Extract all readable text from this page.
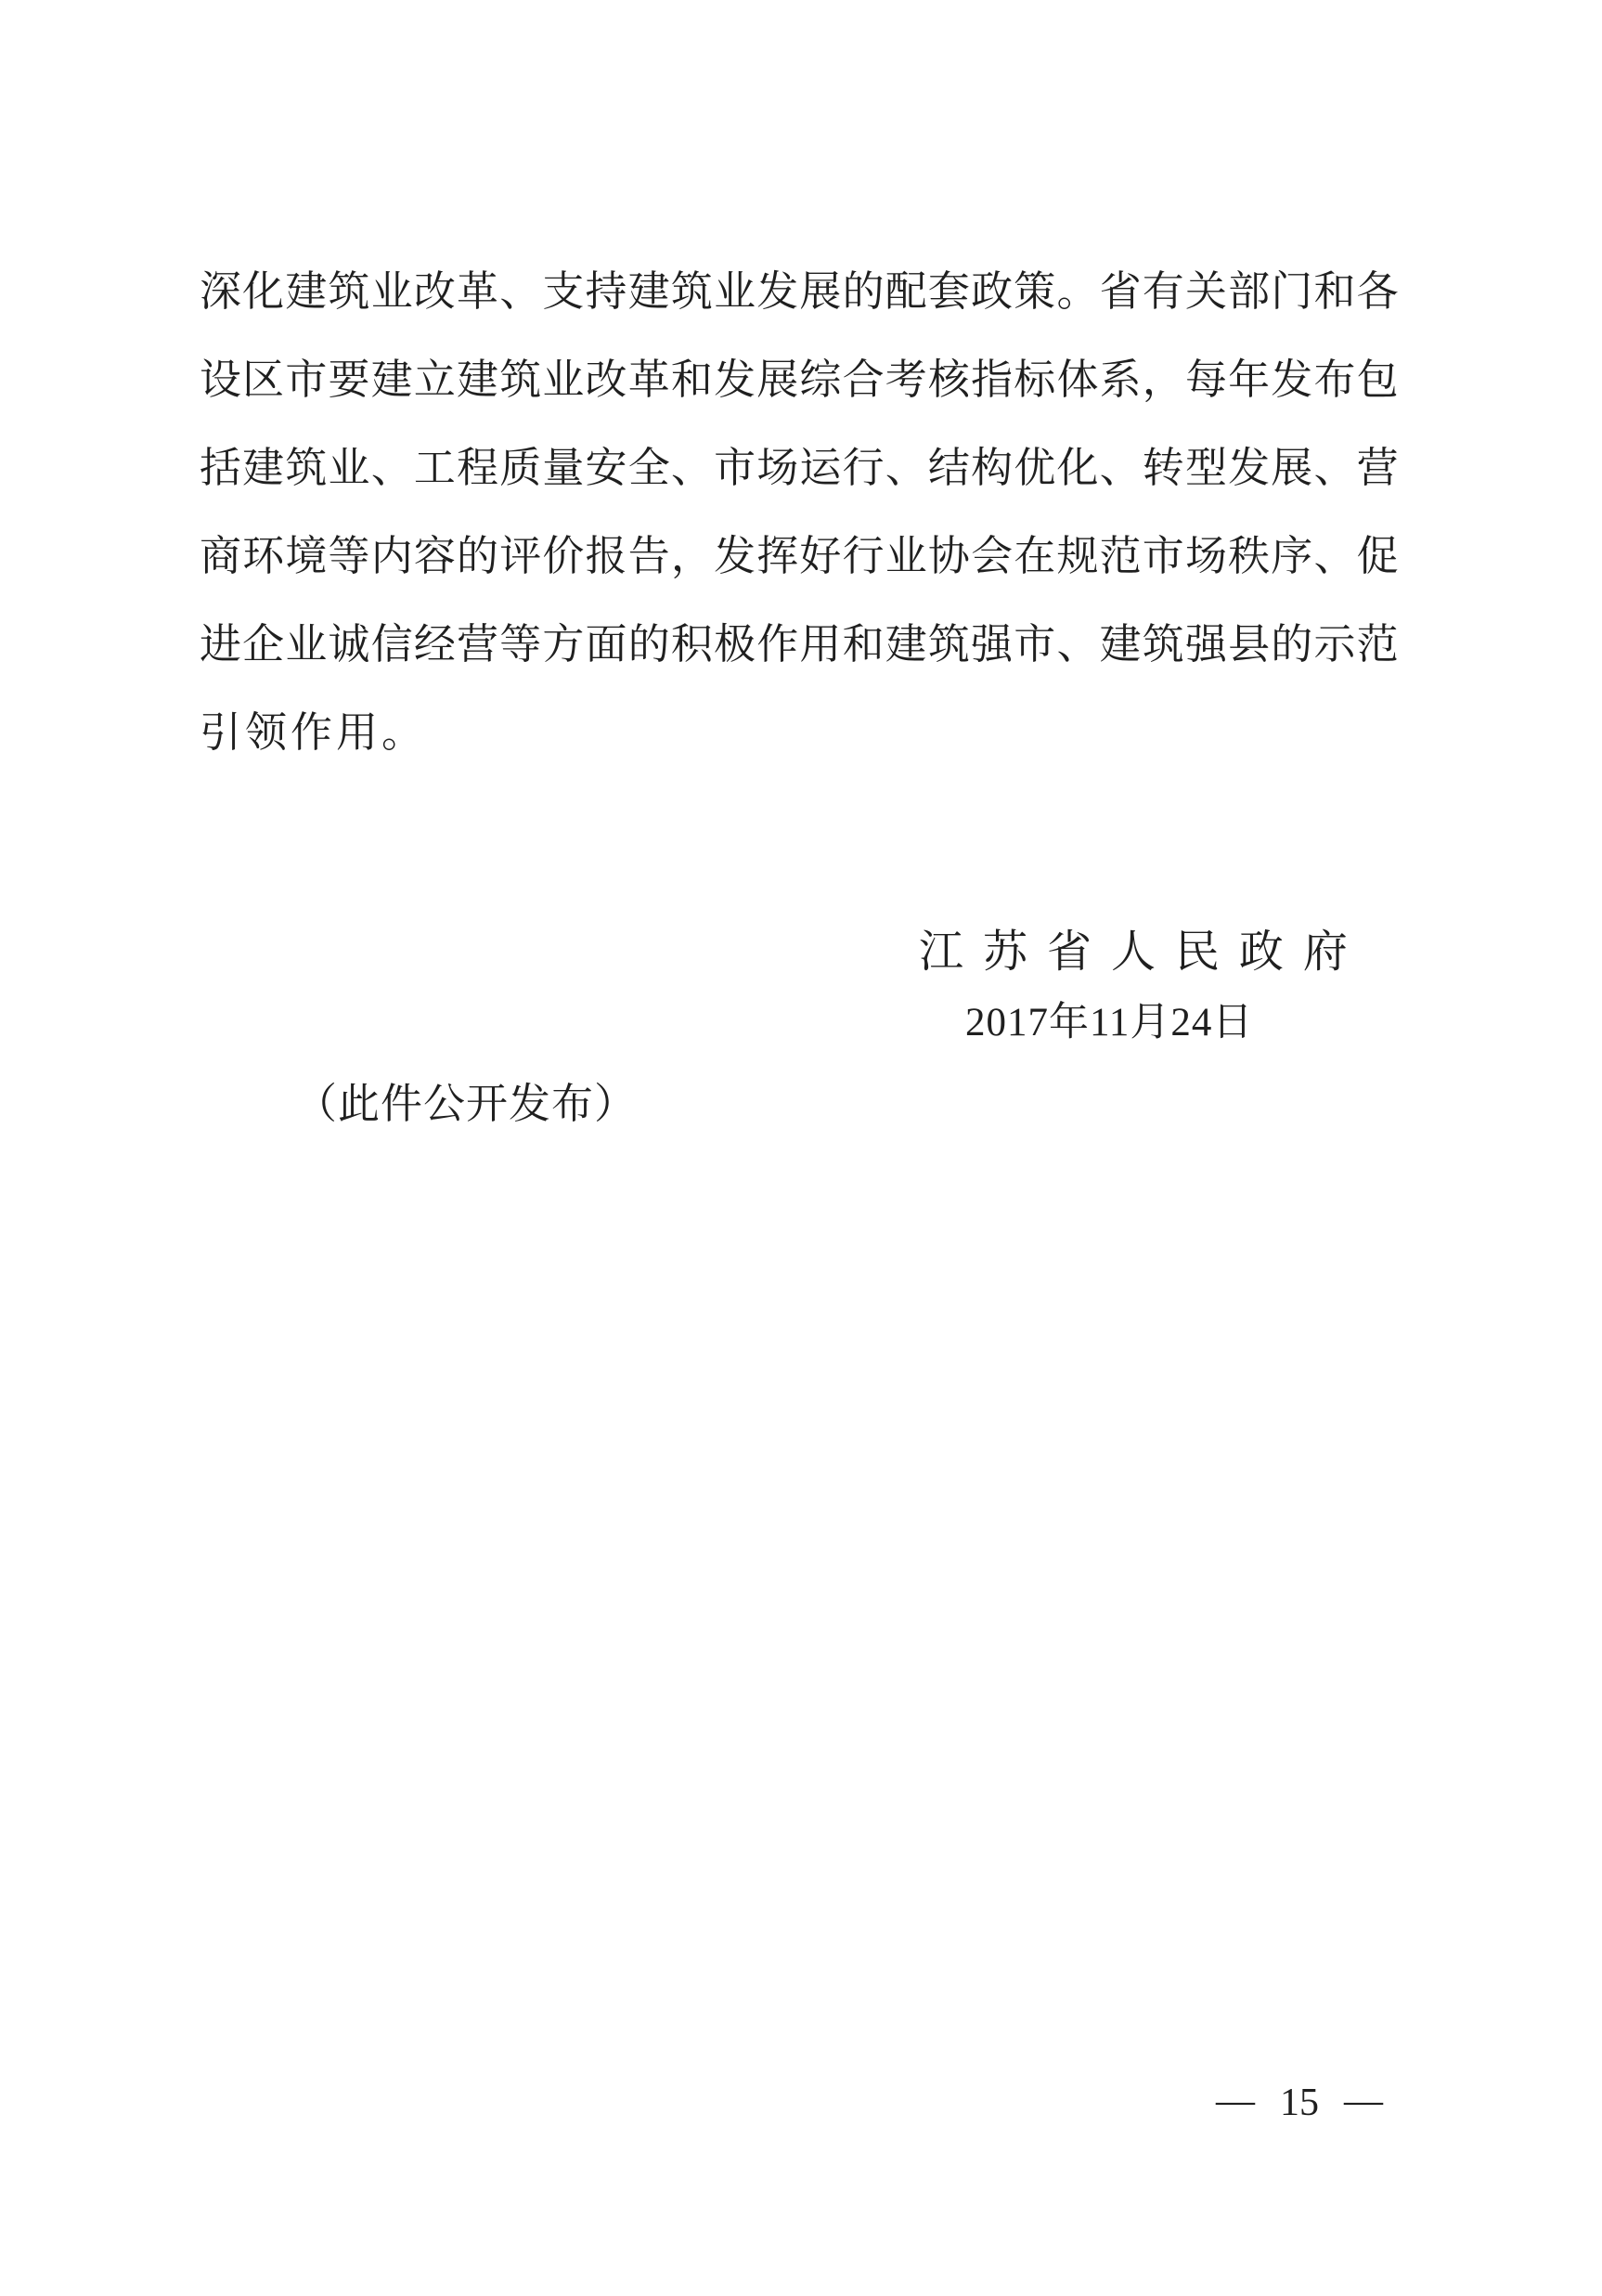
深 化 建 筑 业 改 革 、 支 持 建 筑 业 发 展 的 配 套 政 策 。 省 有 关 部 门 和 各
设 区 市 要 建 立 建 筑 业 改 革 和 发 展 综 合 考 核 指 标 体 系 ， 每 年 发 布 包
括 建 筑 业 、 工 程 质 量 安 全 、 市 场 运 行 、 结 构 优 化 、 转 型 发 展 、 营
商 环 境 等 内 容 的 评 价 报 告 ， 发 挥 好 行 业 协 会 在 规 范 市 场 秩 序 、 促
进 企 业 诚 信 经 营 等 方 面 的 积 极 作 用 和 建 筑 强 市 、 建 筑 强 县 的 示 范
引领作用。
江 苏 省 人 民 政 府
2017年11月24日
（此件公开发布）
— 15 —
